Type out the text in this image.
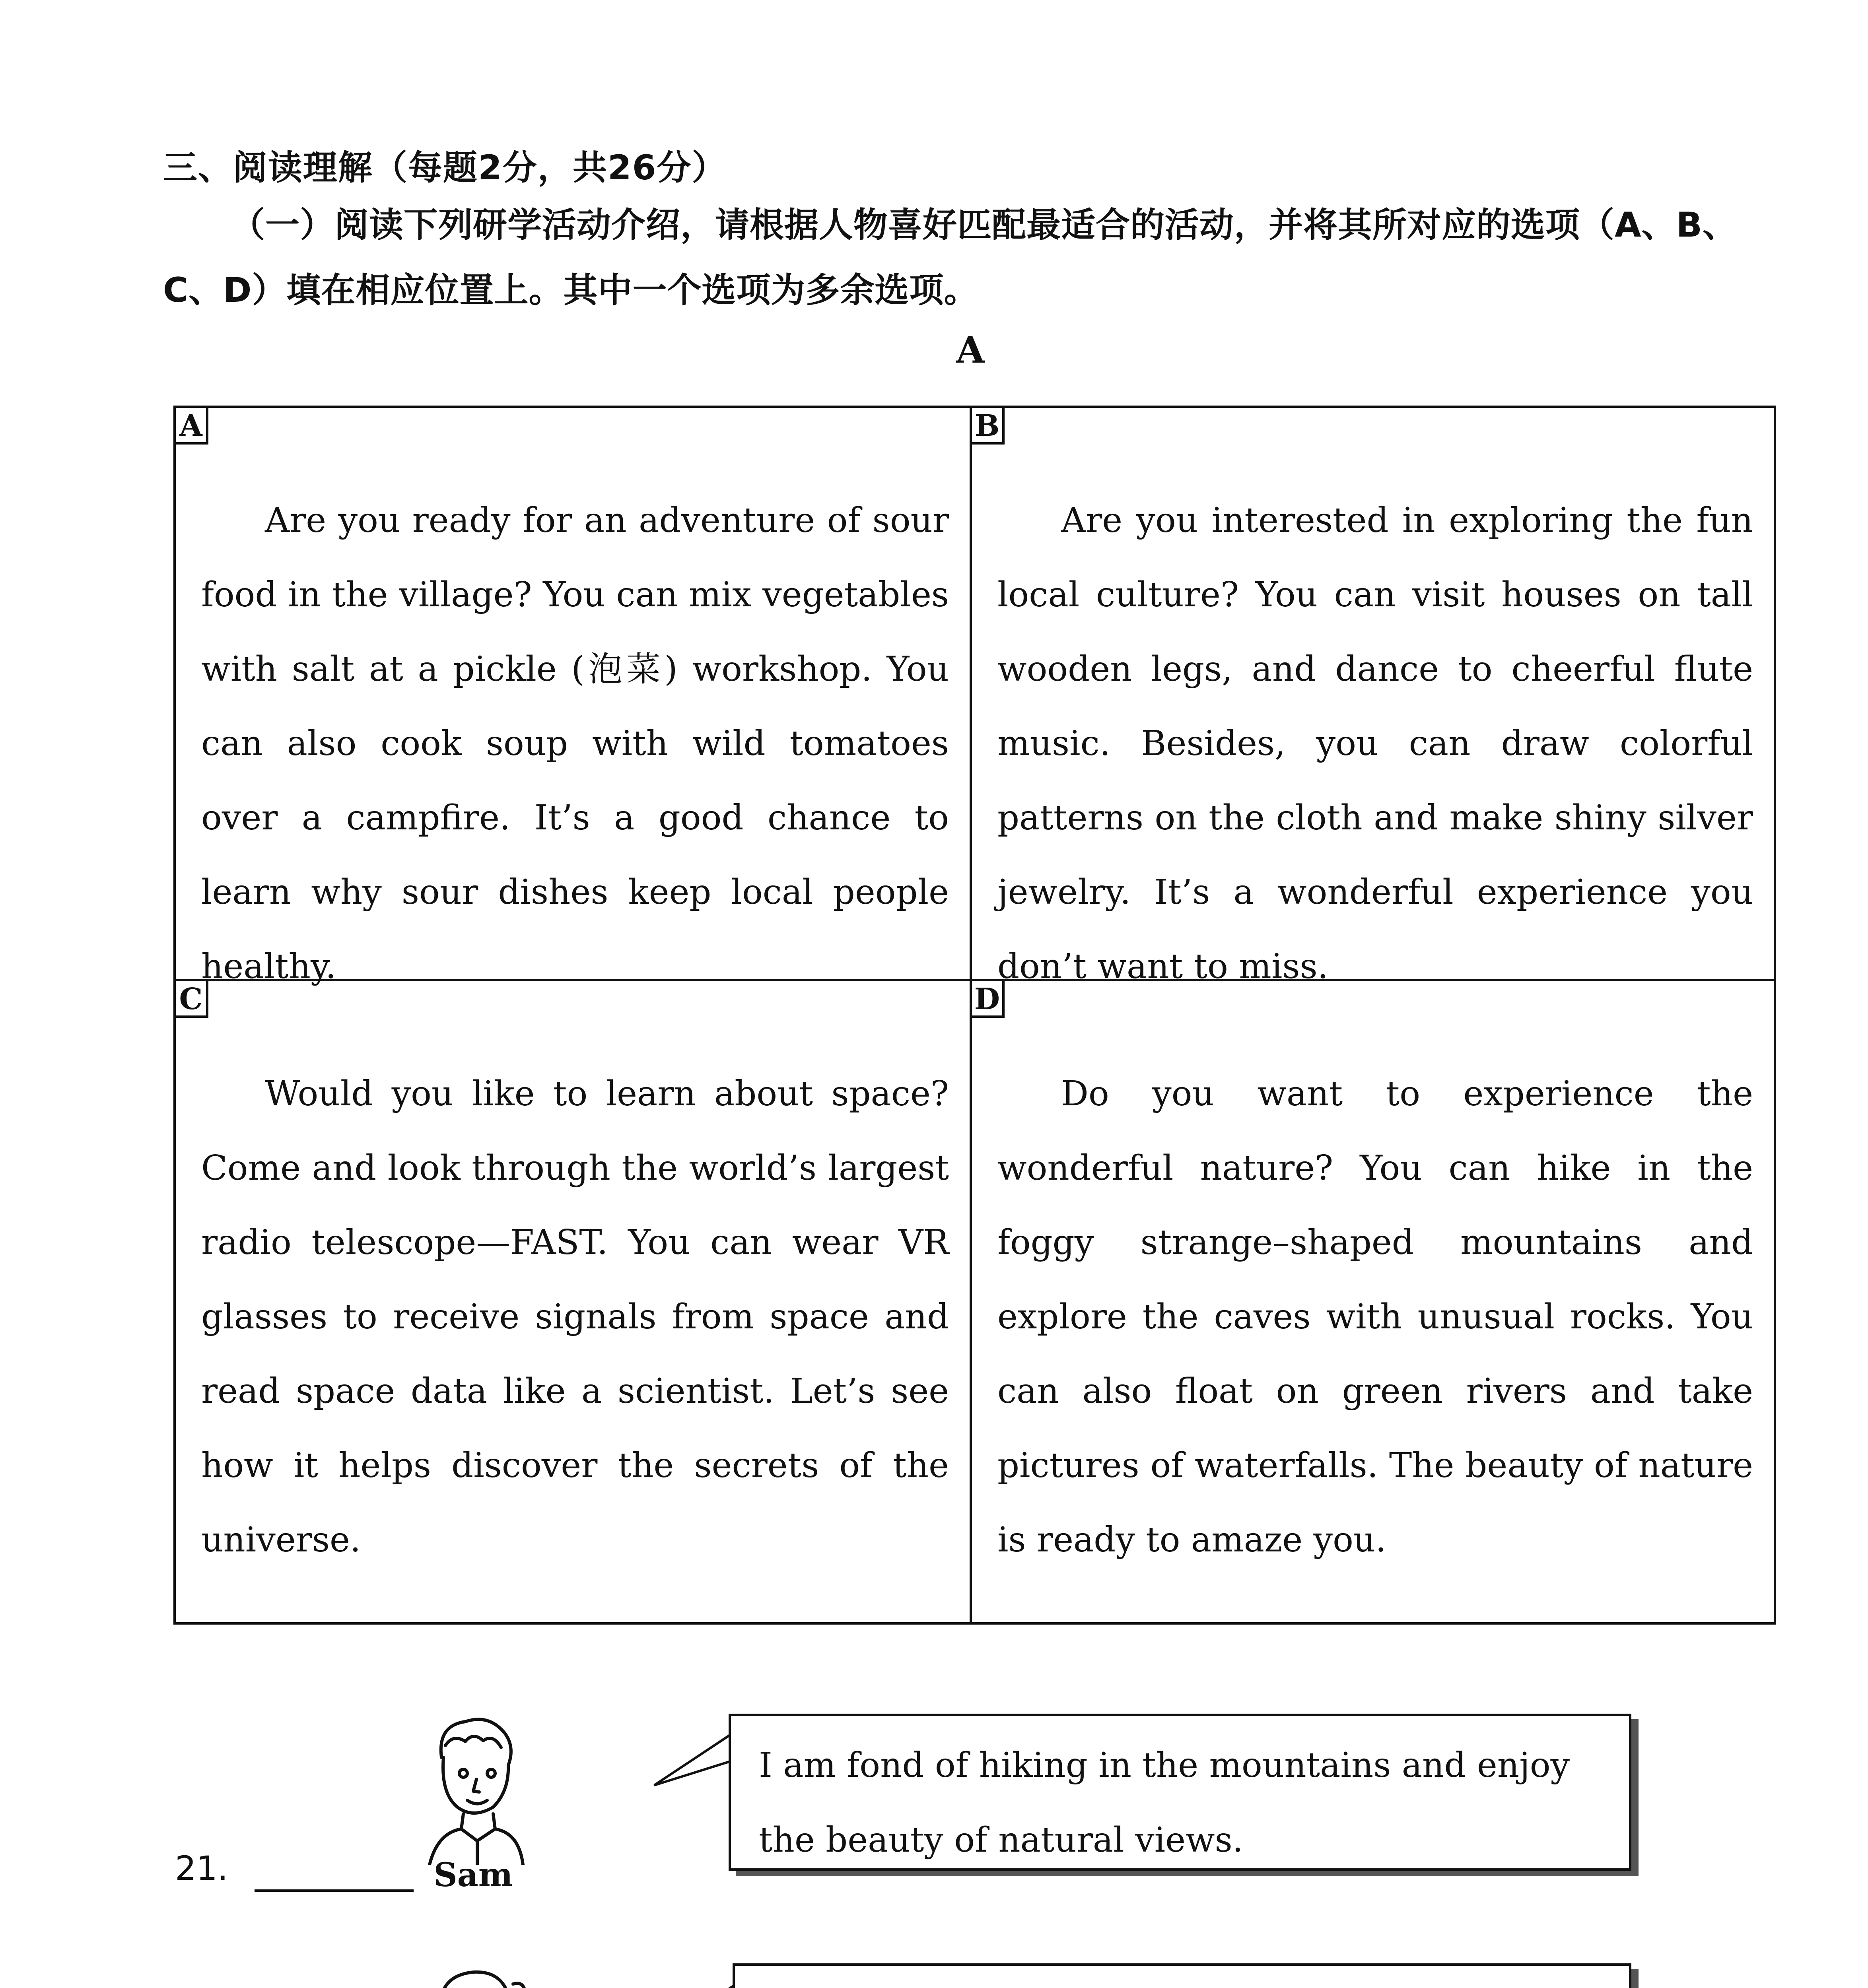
三、阅读理解（每题2分，共26分）
（一）阅读下列研学活动介绍，请根据人物喜好匹配最适合的活动，并将其所对应的选项（A、B、C、D）填在相应位置上。其中一个选项为多余选项。
A
A
Are you ready for an adventure of sour food in the village? You can mix vegetables with salt at a pickle (泡菜) workshop. You can also cook soup with wild tomatoes over a campfire. It’s a good chance to learn why sour dishes keep local people healthy.
B
Are you interested in exploring the fun local culture? You can visit houses on tall wooden legs, and dance to cheerful flute music. Besides, you can draw colorful patterns on the cloth and make shiny silver jewelry. It’s a wonderful experience you don’t want to miss.
C
Would you like to learn about space? Come and look through the world’s largest radio telescope—FAST. You can wear VR glasses to receive signals from space and read space data like a scientist. Let’s see how it helps discover the secrets of the universe.
D
Do you want to experience the wonderful nature? You can hike in the foggy strange–shaped mountains and explore the caves with unusual rocks. You can also float on green rivers and take pictures of waterfalls. The beauty of nature is ready to amaze you.
21.	Sam
I am fond of hiking in the mountains and enjoy the beauty of natural views.
